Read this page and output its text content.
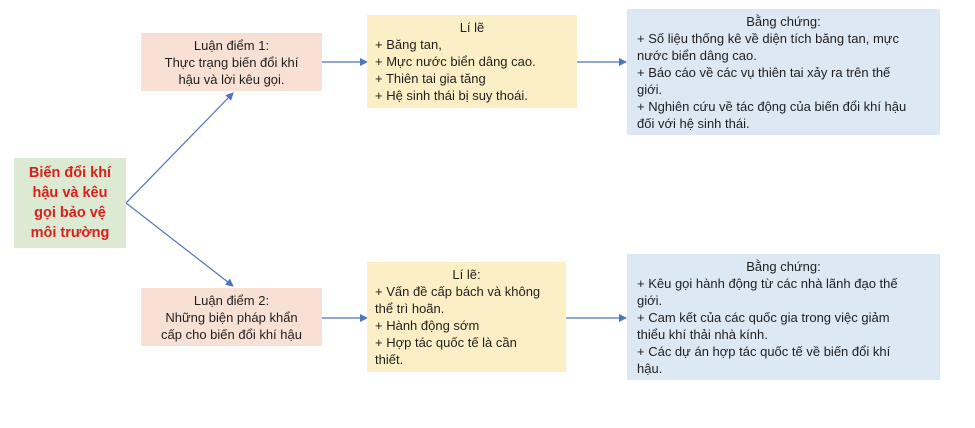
Biến đổi khí
hậu và kêu
gọi bảo vệ
môi trường
Luận điểm 1:
Thực trạng biến đổi khí
hậu và lời kêu gọi.
Lí lẽ
+ Băng tan,
+ Mực nước biển dâng cao.
+ Thiên tai gia tăng
+ Hệ sinh thái bị suy thoái.
Bằng chứng:
+ Số liệu thống kê về diện tích băng tan, mực
nước biển dâng cao.
+ Báo cáo về các vụ thiên tai xảy ra trên thế
giới.
+ Nghiên cứu về tác động của biến đổi khí hậu
đối với hệ sinh thái.
Luận điểm 2:
Những biện pháp khẩn
cấp cho biến đổi khí hậu
Lí lẽ:
+ Vấn đề cấp bách và không
thể trì hoãn.
+ Hành động sớm
+ Hợp tác quốc tế là cần
thiết.
Bằng chứng:
+ Kêu gọi hành động từ các nhà lãnh đạo thế
giới.
+ Cam kết của các quốc gia trong việc giảm
thiểu khí thải nhà kính.
+ Các dự án hợp tác quốc tế về biến đổi khí
hậu.
